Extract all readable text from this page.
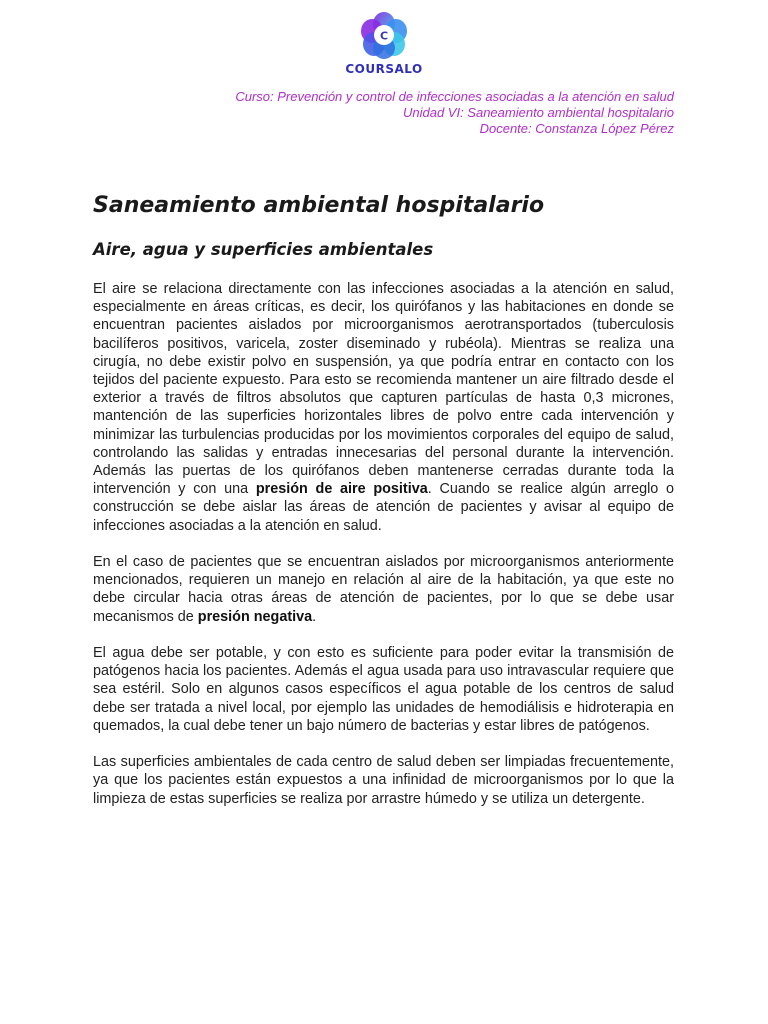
C
COURSALO
Curso: Prevención y control de infecciones asociadas a la atención en salud
Unidad VI: Saneamiento ambiental hospitalario
Docente: Constanza López Pérez
Saneamiento ambiental hospitalario
Aire, agua y superficies ambientales

El aire se relaciona directamente con las infecciones asociadas a la atención en salud, especialmente en áreas críticas, es decir, los quirófanos y las habitaciones en donde se encuentran pacientes aislados por microorganismos aerotransportados (tuberculosis bacilíferos positivos, varicela, zoster diseminado y rubéola). Mientras se realiza una cirugía, no debe existir polvo en suspensión, ya que podría entrar en contacto con los tejidos del paciente expuesto. Para esto se recomienda mantener un aire filtrado desde el exterior a través de filtros absolutos que capturen partículas de hasta 0,3 micrones, mantención de las superficies horizontales libres de polvo entre cada intervención y minimizar las turbulencias producidas por los movimientos corporales del equipo de salud, controlando las salidas y entradas innecesarias del personal durante la intervención. Además las puertas de los quirófanos deben mantenerse cerradas durante toda la intervención y con una presión de aire positiva. Cuando se realice algún arreglo o construcción se debe aislar las áreas de atención de pacientes y avisar al equipo de infecciones asociadas a la atención en salud.

En el caso de pacientes que se encuentran aislados por microorganismos anteriormente mencionados, requieren un manejo en relación al aire de la habitación, ya que este no debe circular hacia otras áreas de atención de pacientes, por lo que se debe usar mecanismos de presión negativa.

El agua debe ser potable, y con esto es suficiente para poder evitar la transmisión de patógenos hacia los pacientes. Además el agua usada para uso intravascular requiere que sea estéril. Solo en algunos casos específicos el agua potable de los centros de salud debe ser tratada a nivel local, por ejemplo las unidades de hemodiálisis e hidroterapia en quemados, la cual debe tener un bajo número de bacterias y estar libres de patógenos.

Las superficies ambientales de cada centro de salud deben ser limpiadas frecuentemente, ya que los pacientes están expuestos a una infinidad de microorganismos por lo que la limpieza de estas superficies se realiza por arrastre húmedo y se utiliza un detergente.
